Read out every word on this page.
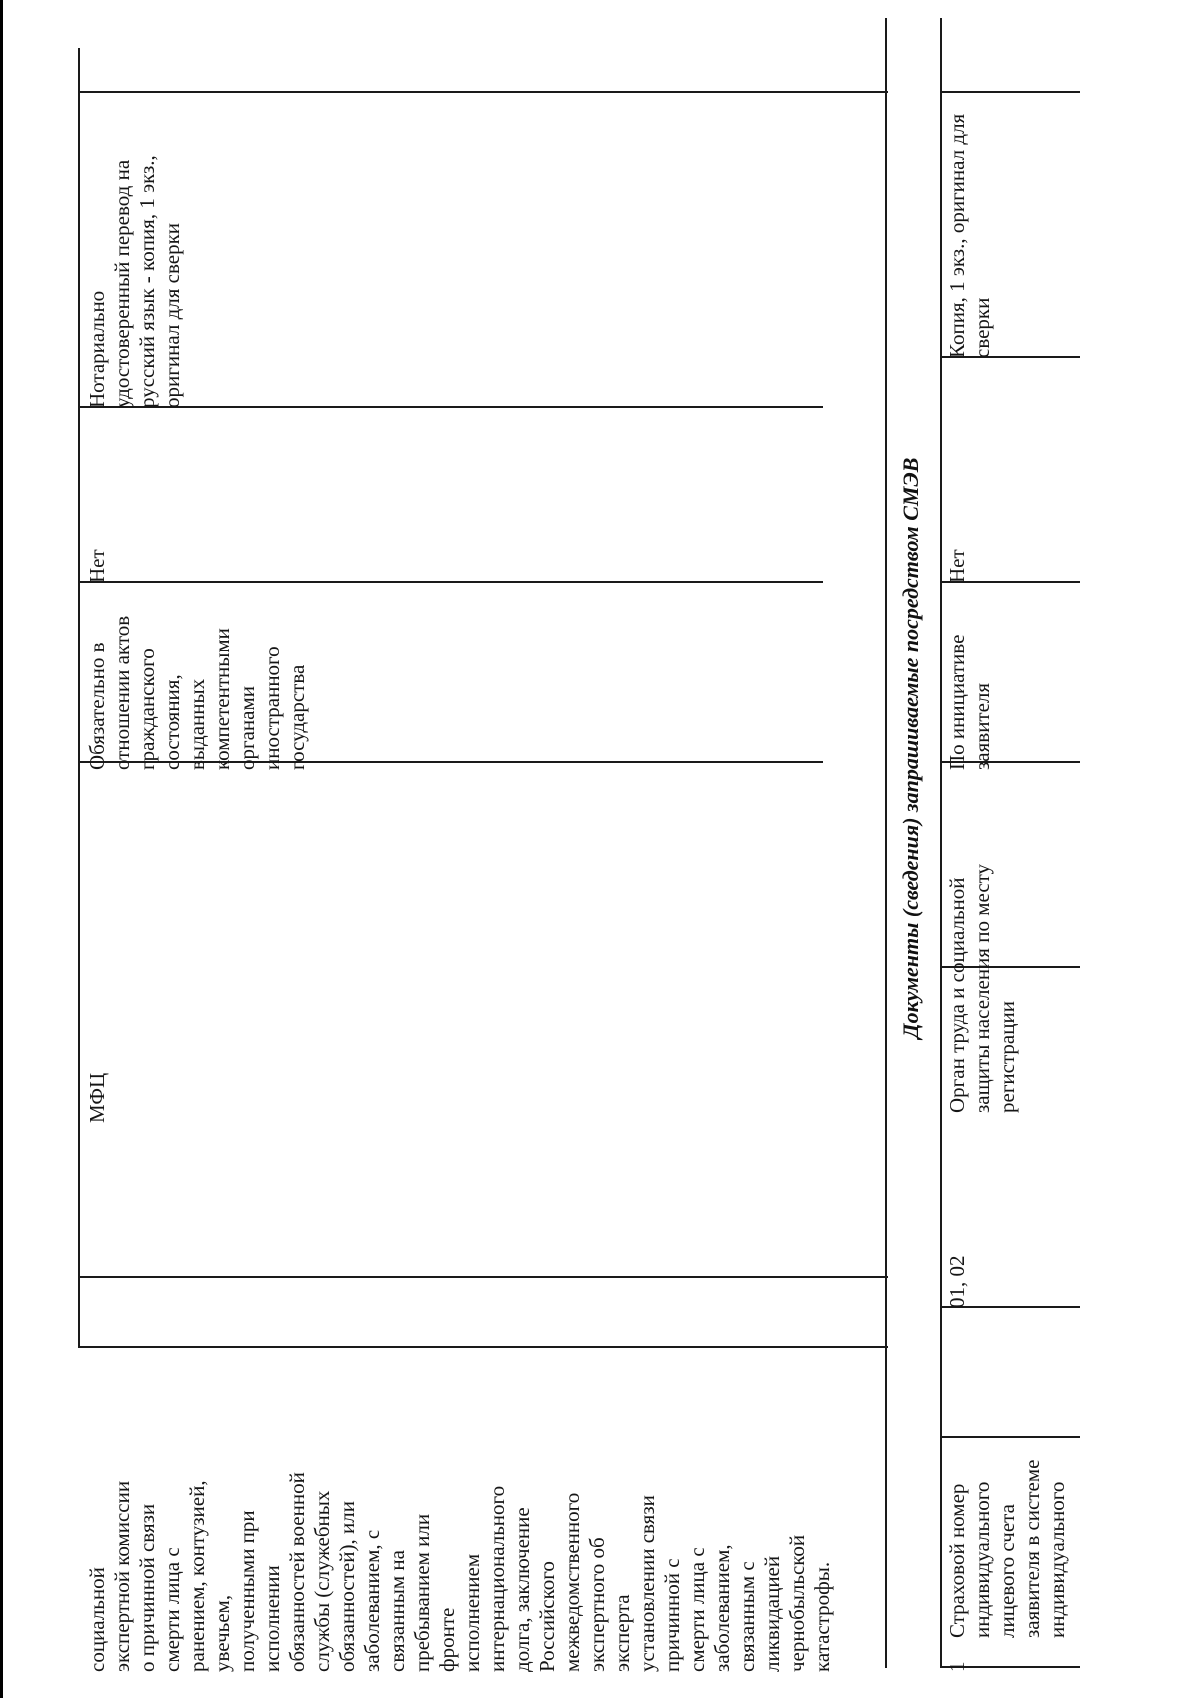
социальной
экспертной комиссии
о причинной связи
смерти лица с
ранением, контузией,
увечьем,
полученными при
исполнении
обязанностей военной
службы (служебных
обязанностей), или
заболеванием, с
связанным на
пребыванием или
фронте
исполнением
интернационального
долга, заключение
Российского
межведомственного
экспертного об
эксперта
установлении связи
причинной с
смерти лица с
заболеванием,
связанным с
ликвидацией
чернобыльской
катастрофы.
МФЦ
Обязательно в
отношении актов
гражданского
состояния,
выданных
компетентными
органами
иностранного
государства
Нет
Нотариально
удостоверенный перевод на
русский язык - копия, 1 экз.,
оригинал для сверки
Документы (сведения) запрашиваемые посредством СМЭВ
1
Страховой номер
индивидуального
лицевого счета
заявителя в системе
индивидуального
01, 02
Орган труда и социальной
защиты населения по месту
регистрации
По инициативе
заявителя
Нет
Копия, 1 экз., оригинал для
сверки
